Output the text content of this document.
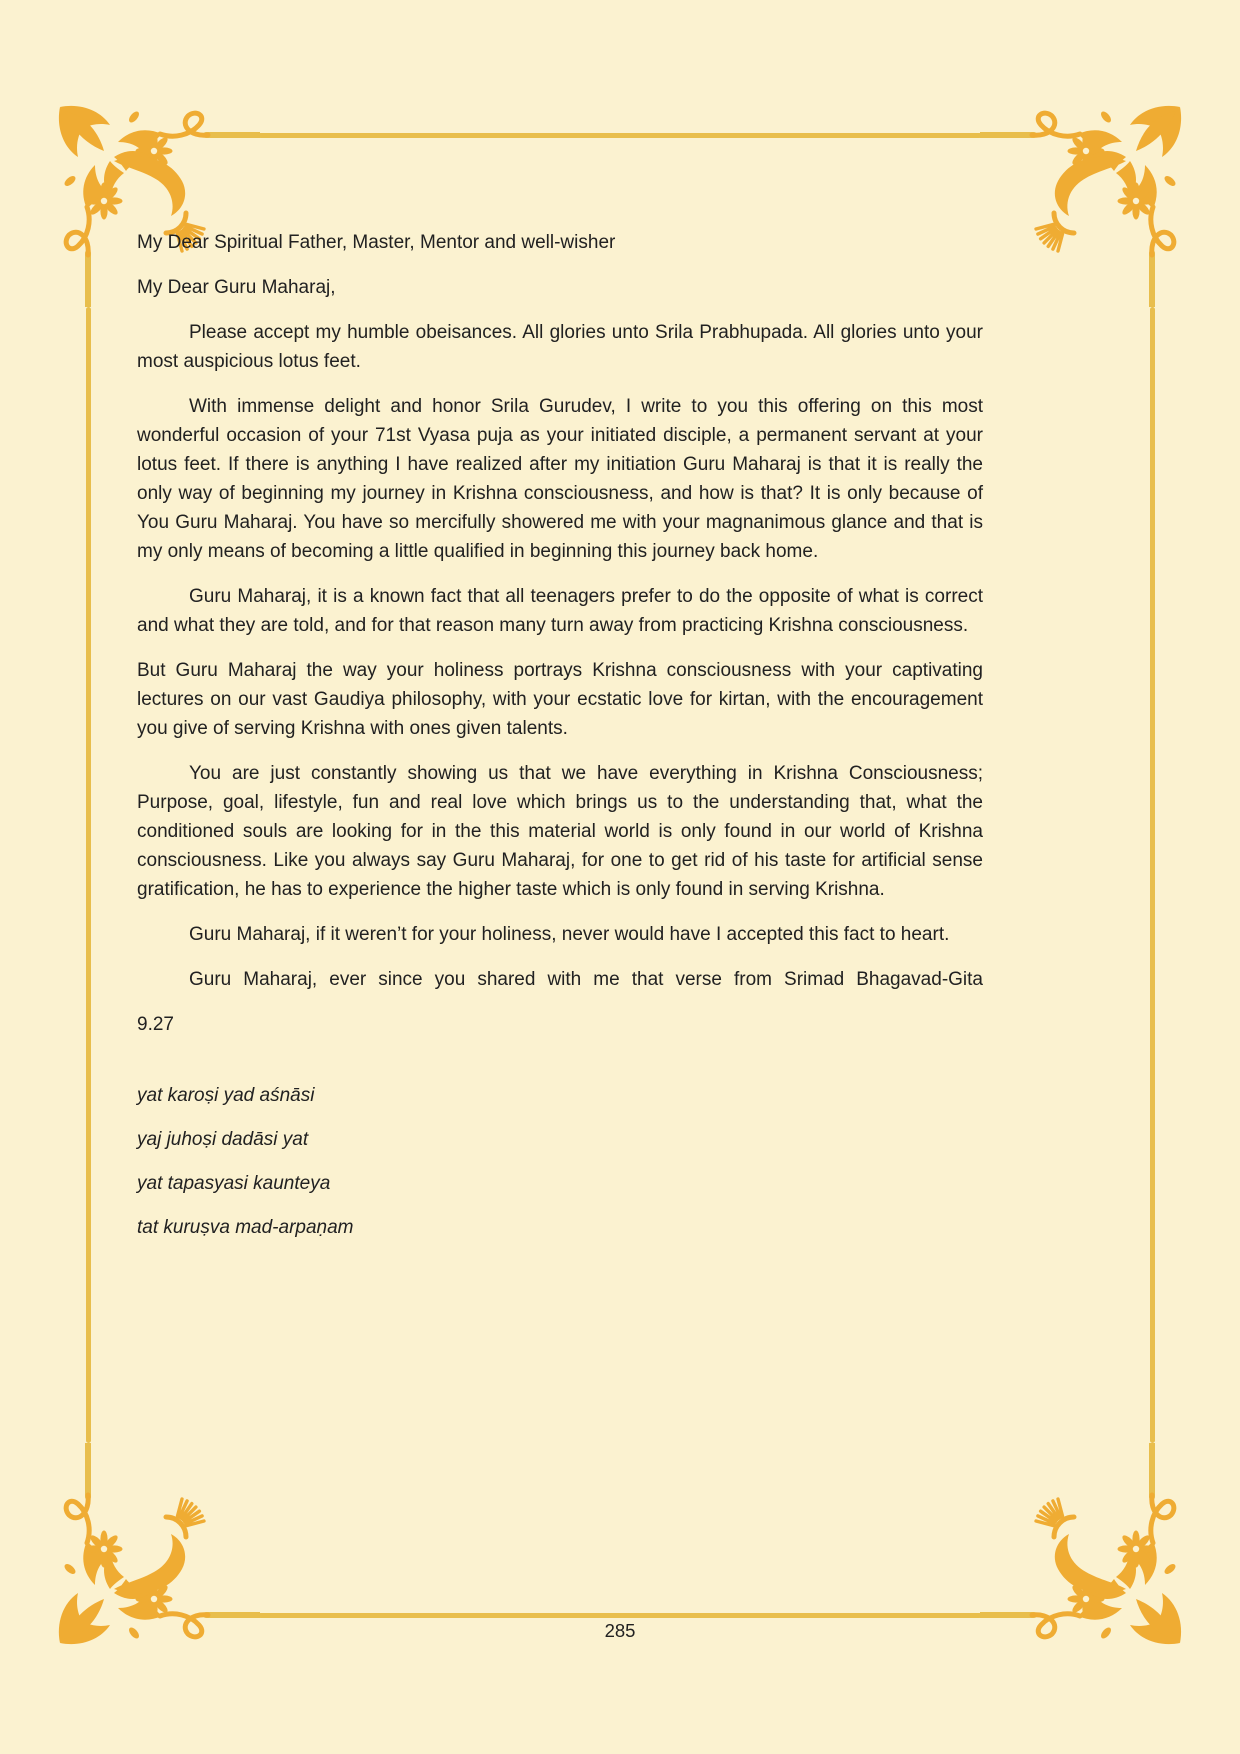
My Dear Spiritual Father, Master, Mentor and well-wisher

My Dear Guru Maharaj,

Please accept my humble obeisances. All glories unto Srila Prabhupada. All glories unto your most auspicious lotus feet.

With immense delight and honor Srila Gurudev, I write to you this offering on this most wonderful occasion of your 71st Vyasa puja as your initiated disciple, a permanent servant at your lotus feet. If there is anything I have realized after my initiation Guru Maharaj is that it is really the only way of beginning my journey in Krishna consciousness, and how is that? It is only because of You Guru Maharaj. You have so mercifully showered me with your magnanimous glance and that is my only means of becoming a little qualified in beginning this journey back home.

Guru Maharaj, it is a known fact that all teenagers prefer to do the opposite of what is correct and what they are told, and for that reason many turn away from practicing Krishna consciousness.

But Guru Maharaj the way your holiness portrays Krishna consciousness with your captivating lectures on our vast Gaudiya philosophy, with your ecstatic love for kirtan, with the encouragement you give of serving Krishna with ones given talents.

You are just constantly showing us that we have everything in Krishna Consciousness; Purpose, goal, lifestyle, fun and real love which brings us to the understanding that, what the conditioned souls are looking for in the this material world is only found in our world of Krishna consciousness. Like you always say Guru Maharaj, for one to get rid of his taste for artificial sense gratification, he has to experience the higher taste which is only found in serving Krishna.

Guru Maharaj, if it weren’t for your holiness, never would have I accepted this fact to heart.

Guru Maharaj, ever since you shared with me that verse from Srimad Bhagavad-Gita

9.27

yat karoṣi yad aśnāsi

yaj juhoṣi dadāsi yat

yat tapasyasi kaunteya

tat kuruṣva mad-arpaṇam

285
